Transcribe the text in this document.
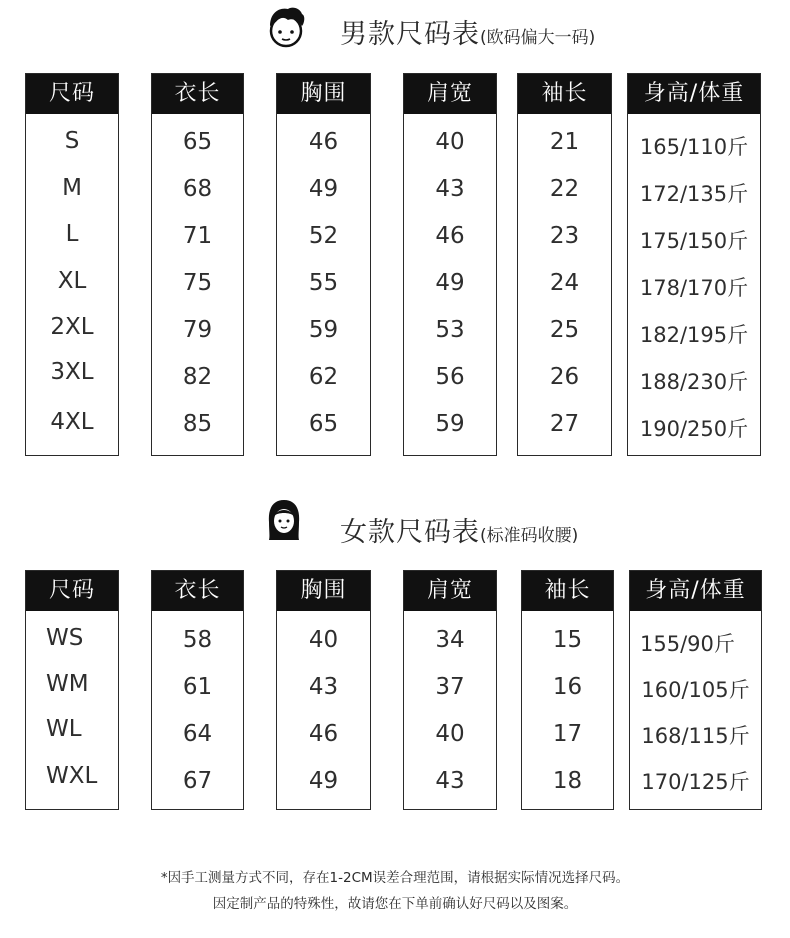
男款尺码表(欧码偏大一码)
尺码
S
M
L
XL
2XL
3XL
4XL
衣长
65
68
71
75
79
82
85
胸围
46
49
52
55
59
62
65
肩宽
40
43
46
49
53
56
59
袖长
21
22
23
24
25
26
27
身高/体重
165/110斤
172/135斤
175/150斤
178/170斤
182/195斤
188/230斤
190/250斤
女款尺码表(标准码收腰)
尺码
WS
WM
WL
WXL
衣长
58
61
64
67
胸围
40
43
46
49
肩宽
34
37
40
43
袖长
15
16
17
18
身高/体重
155/90斤
160/105斤
168/115斤
170/125斤
*因手工测量方式不同，存在1-2CM误差合理范围，请根据实际情况选择尺码。
因定制产品的特殊性，故请您在下单前确认好尺码以及图案。
